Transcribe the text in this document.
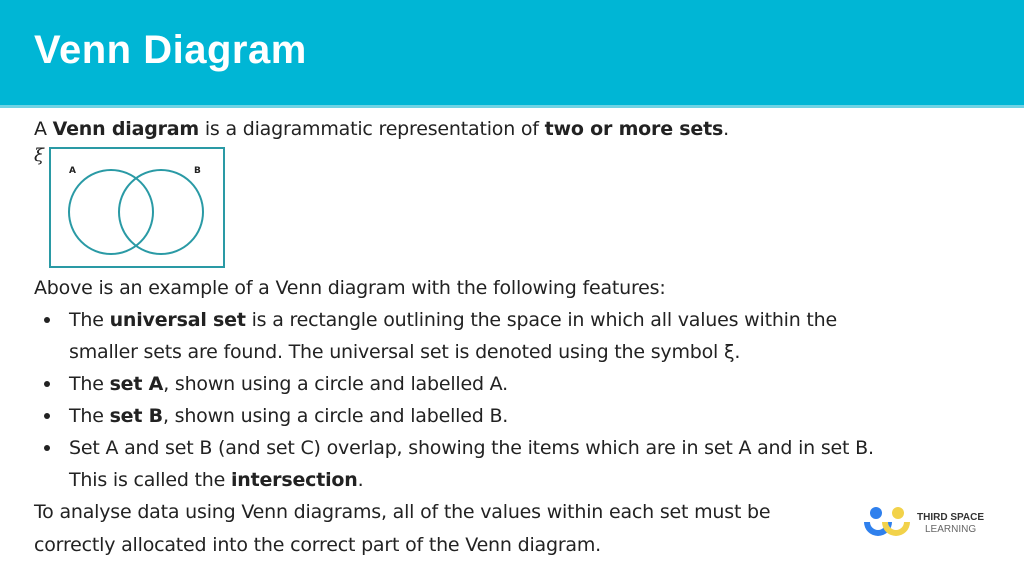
Venn Diagram
A Venn diagram is a diagrammatic representation of two or more sets.
ξ
A	B
Above is an example of a Venn diagram with the following features:
The universal set is a rectangle outlining the space in which all values within the
smaller sets are found. The universal set is denoted using the symbol ξ.
The set A, shown using a circle and labelled A.
The set B, shown using a circle and labelled B.
Set A and set B (and set C) overlap, showing the items which are in set A and in set B.
This is called the intersection.
To analyse data using Venn diagrams, all of the values within each set must be
correctly allocated into the correct part of the Venn diagram.
THIRD SPACE
LEARNING
